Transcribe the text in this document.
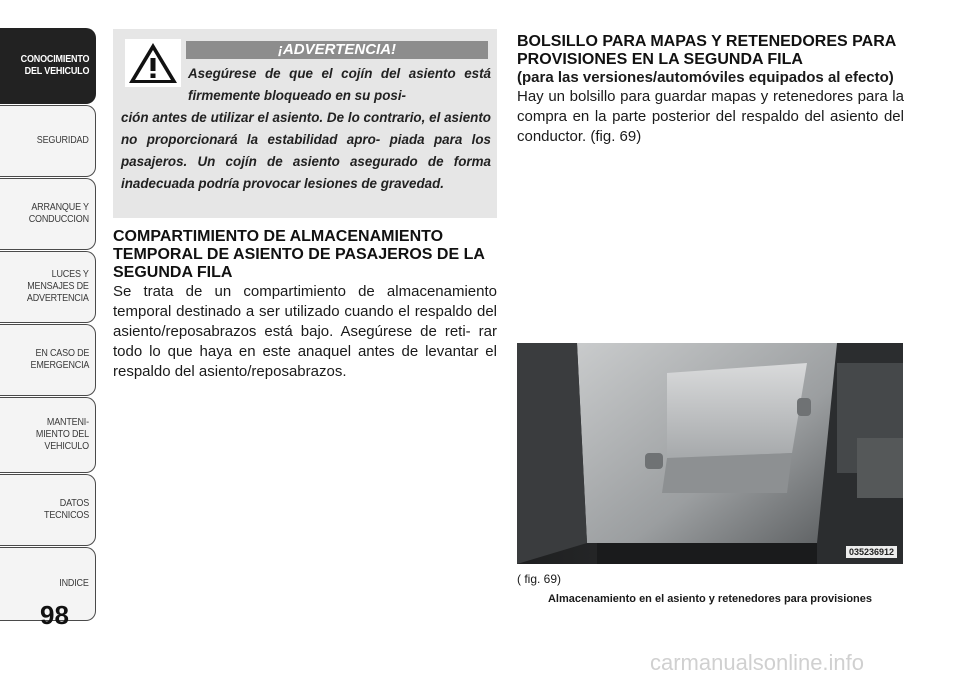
CONOCIMIENTO
DEL VEHICULO
SEGURIDAD
ARRANQUE Y
CONDUCCION
LUCES Y
MENSAJES DE
ADVERTENCIA
EN CASO DE
EMERGENCIA
MANTENI-
MIENTO DEL
VEHICULO
DATOS
TECNICOS
INDICE
98
¡ADVERTENCIA!
Asegúrese de que el cojín del asiento está firmemente bloqueado en su posi-
ción antes de utilizar el asiento. De lo contrario, el asiento no proporcionará la estabilidad apro- piada para los pasajeros. Un cojín de asiento asegurado de forma inadecuada podría provocar lesiones de gravedad.
COMPARTIMIENTO DE ALMACENAMIENTO TEMPORAL DE ASIENTO DE PASAJEROS DE LA SEGUNDA FILA

Se trata de un compartimiento de almacenamiento temporal destinado a ser utilizado cuando el respaldo del asiento/reposabrazos está bajo. Asegúrese de reti- rar todo lo que haya en este anaquel antes de levantar el respaldo del asiento/reposabrazos.

BOLSILLO PARA MAPAS Y RETENEDORES PARA PROVISIONES EN LA SEGUNDA FILA

(para las versiones/automóviles equipados al efecto)

Hay un bolsillo para guardar mapas y retenedores para la compra en la parte posterior del respaldo del asiento del conductor. (fig. 69)

035236912
( fig. 69)
Almacenamiento en el asiento y retenedores para provisiones
carmanualsonline.info
